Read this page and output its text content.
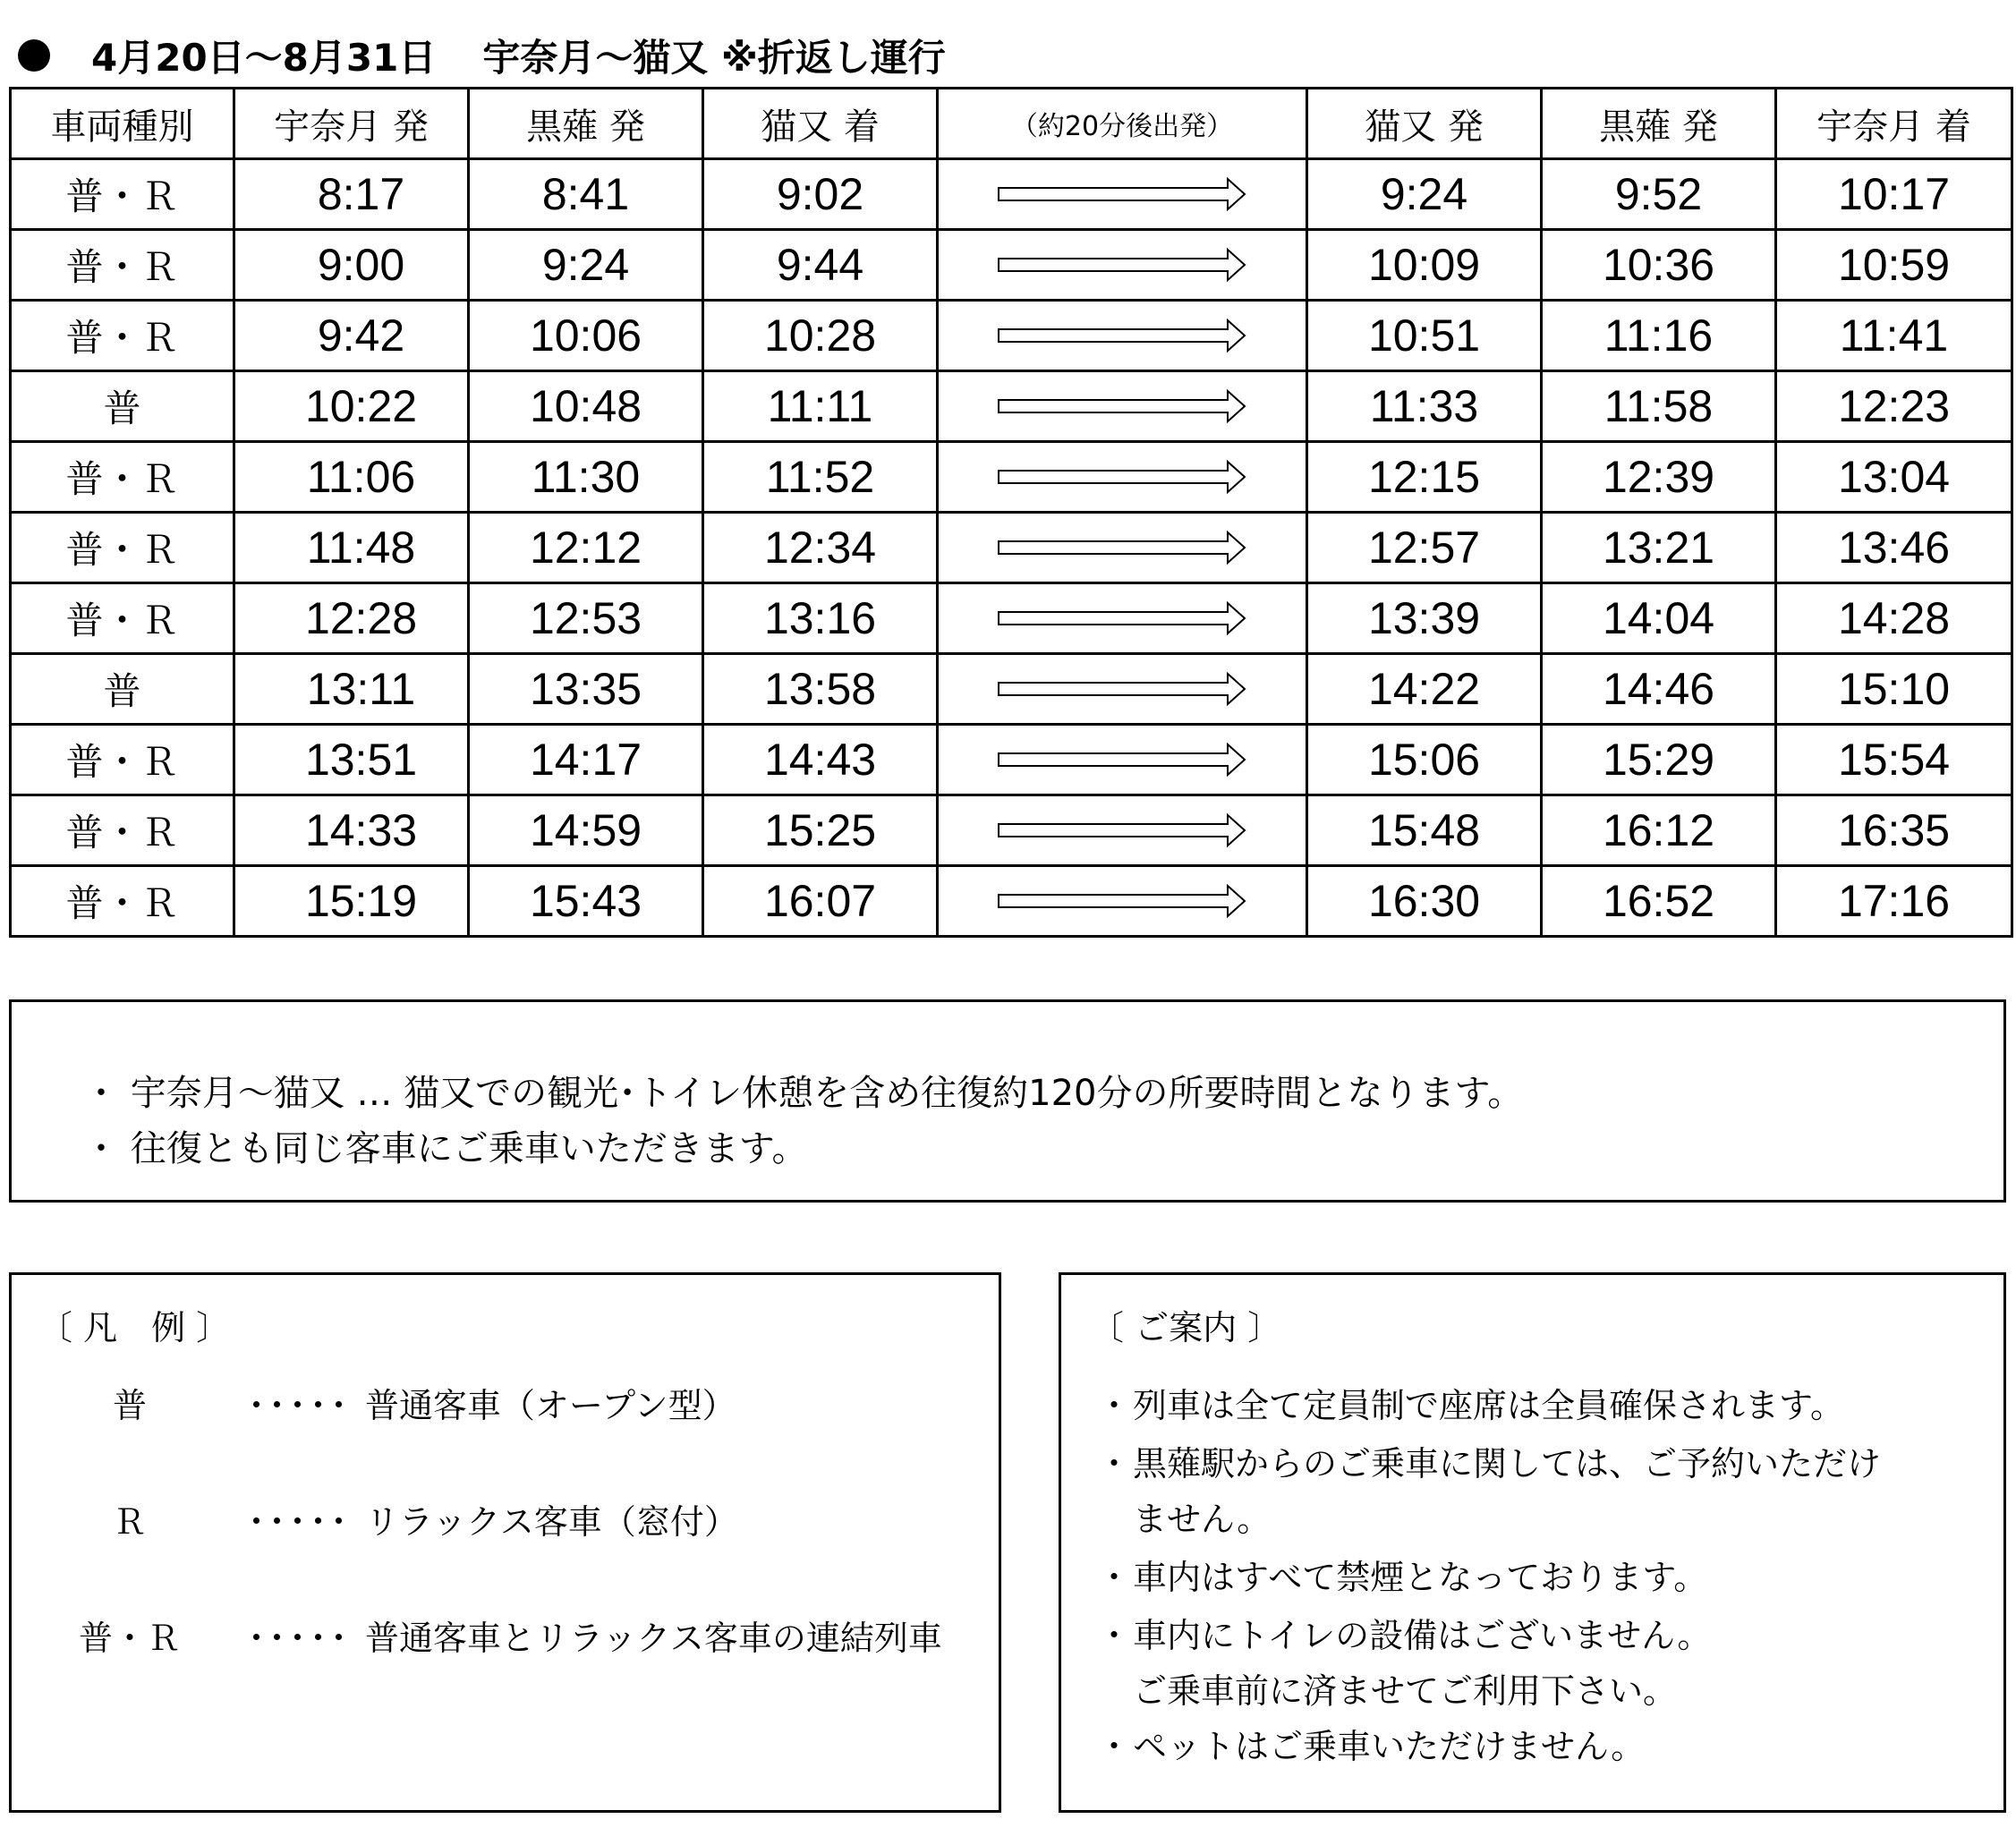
4月20日～8月31日 宇奈月～猫又 ※折返し運行
車両種別	宇奈月 発	黒薙 発	猫又 着	（約20分後出発）	猫又 発	黒薙 発	宇奈月 着
普・Ｒ	8:17	8:41	9:02		9:24	9:52	10:17
普・Ｒ	9:00	9:24	9:44		10:09	10:36	10:59
普・Ｒ	9:42	10:06	10:28		10:51	11:16	11:41
普	10:22	10:48	11:11		11:33	11:58	12:23
普・Ｒ	11:06	11:30	11:52		12:15	12:39	13:04
普・Ｒ	11:48	12:12	12:34		12:57	13:21	13:46
普・Ｒ	12:28	12:53	13:16		13:39	14:04	14:28
普	13:11	13:35	13:58		14:22	14:46	15:10
普・Ｒ	13:51	14:17	14:43		15:06	15:29	15:54
普・Ｒ	14:33	14:59	15:25		15:48	16:12	16:35
普・Ｒ	15:19	15:43	16:07		16:30	16:52	17:16
・ 宇奈月～猫又 … 猫又での観光･トイレ休憩を含め往復約120分の所要時間となります。
・ 往復とも同じ客車にご乗車いただきます。
〔 凡　例 〕
普	･････ 普通客車（オープン型）
Ｒ	･････ リラックス客車（窓付）
普・Ｒ	･････ 普通客車とリラックス客車の連結列車
〔 ご案内 〕
・列車は全て定員制で座席は全員確保されます。
・黒薙駅からのご乗車に関しては、ご予約いただけ
ません。
・車内はすべて禁煙となっております。
・車内にトイレの設備はございません。
ご乗車前に済ませてご利用下さい。
・ペットはご乗車いただけません。
